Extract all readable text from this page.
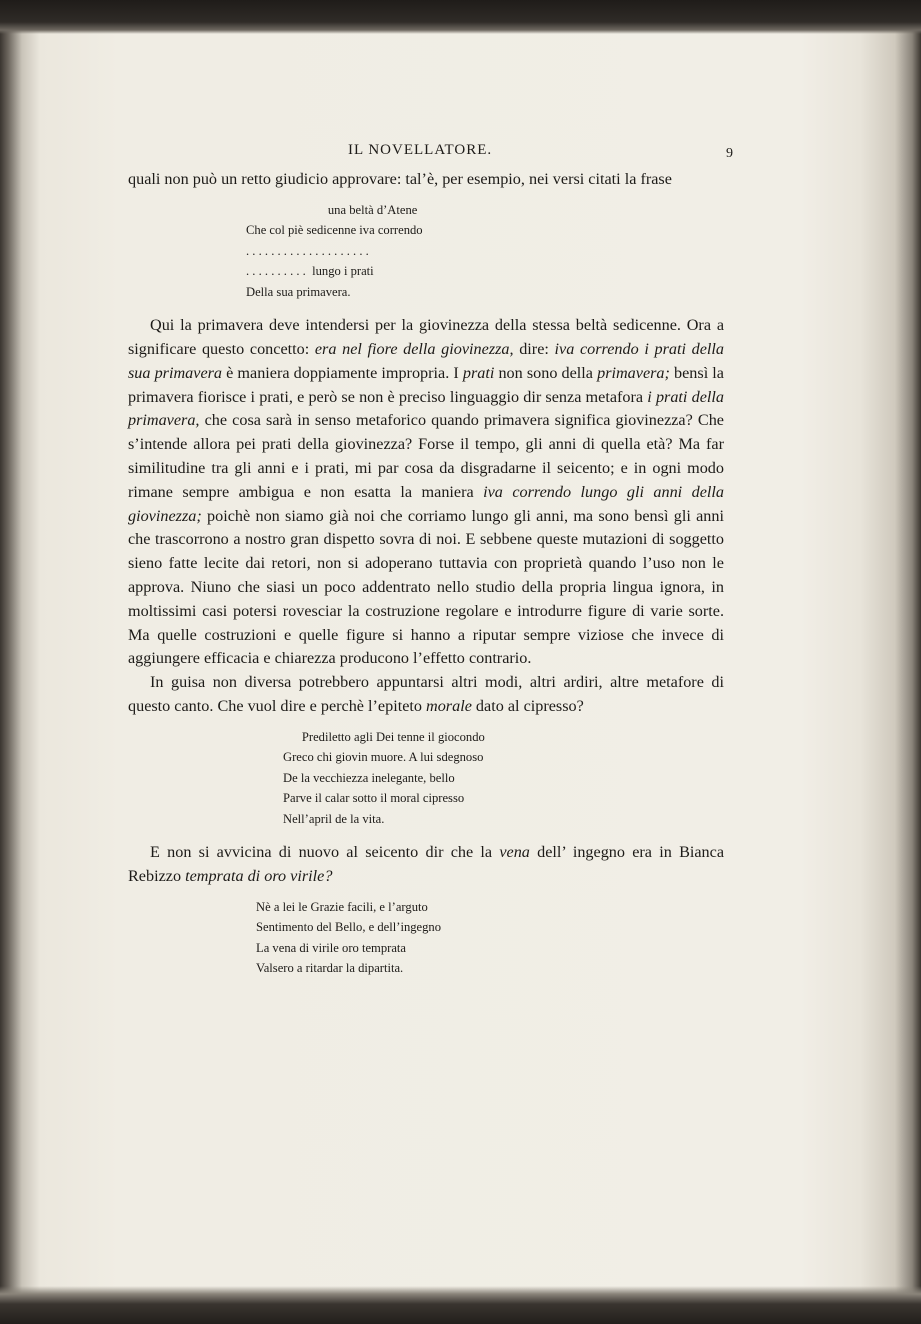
IL NOVELLATORE.	9

quali non può un retto giudicio approvare: tal’è, per esempio, nei versi citati la frase

una beltà d’Atene
Che col piè sedicenne iva correndo
. . . . . . . . . . . . . . . . . . . .
. . . . . . . . . .  lungo i prati
Della sua primavera.

Qui la primavera deve intendersi per la giovinezza della stessa beltà sedicenne. Ora a significare questo concetto: era nel fiore della giovinezza, dire: iva correndo i prati della sua primavera è maniera doppiamente impropria. I prati non sono della primavera; bensì la primavera fiorisce i prati, e però se non è preciso linguaggio dir senza metafora i prati della primavera, che cosa sarà in senso metaforico quando primavera significa giovinezza? Che s’intende allora pei prati della giovinezza? Forse il tempo, gli anni di quella età? Ma far similitudine tra gli anni e i prati, mi par cosa da disgradarne il seicento; e in ogni modo rimane sempre ambigua e non esatta la maniera iva correndo lungo gli anni della giovinezza; poichè non siamo già noi che corriamo lungo gli anni, ma sono bensì gli anni che trascorrono a nostro gran dispetto sovra di noi. E sebbene queste mutazioni di soggetto sieno fatte lecite dai retori, non si adoperano tuttavia con proprietà quando l’uso non le approva. Niuno che siasi un poco addentrato nello studio della propria lingua ignora, in moltissimi casi potersi rovesciar la costruzione regolare e introdurre figure di varie sorte. Ma quelle costruzioni e quelle figure si hanno a riputar sempre viziose che invece di aggiungere efficacia e chiarezza producono l’effetto contrario.

In guisa non diversa potrebbero appuntarsi altri modi, altri ardiri, altre metafore di questo canto. Che vuol dire e perchè l’epiteto morale dato al cipresso?

Prediletto agli Dei tenne il giocondo
Greco chi giovin muore. A lui sdegnoso
De la vecchiezza inelegante, bello
Parve il calar sotto il moral cipresso
Nell’april de la vita.

E non si avvicina di nuovo al seicento dir che la vena dell’ ingegno era in Bianca Rebizzo temprata di oro virile?

Nè a lei le Grazie facili, e l’arguto
Sentimento del Bello, e dell’ingegno
La vena di virile oro temprata
Valsero a ritardar la dipartita.
